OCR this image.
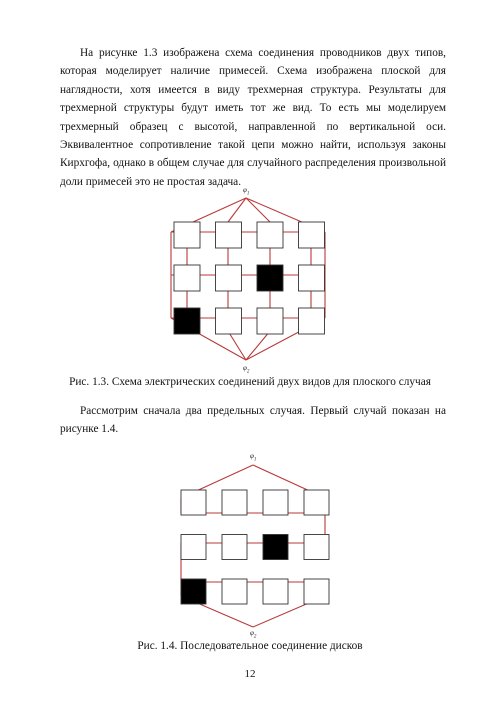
На рисунке 1.3 изображена схема соединения проводников двух типов, которая моделирует наличие примесей. Схема изображена плоской для наглядности, хотя имеется в виду трехмерная структура. Результаты для трехмерной структуры будут иметь тот же вид. То есть мы моделируем трехмерный образец с высотой, направленной по вертикальной оси. Эквивалентное сопротивление такой цепи можно найти, используя законы Кирхгофа, однако в общем случае для случайного распределения произвольной доли примесей это не простая задача.

$\varphi_1$
$\varphi_2$

Рис. 1.3. Схема электрических соединений двух видов для плоского случая

Рассмотрим сначала два предельных случая. Первый случай показан на рисунке 1.4.

$\varphi_1$
$\varphi_2$

Рис. 1.4. Последовательное соединение дисков

12
